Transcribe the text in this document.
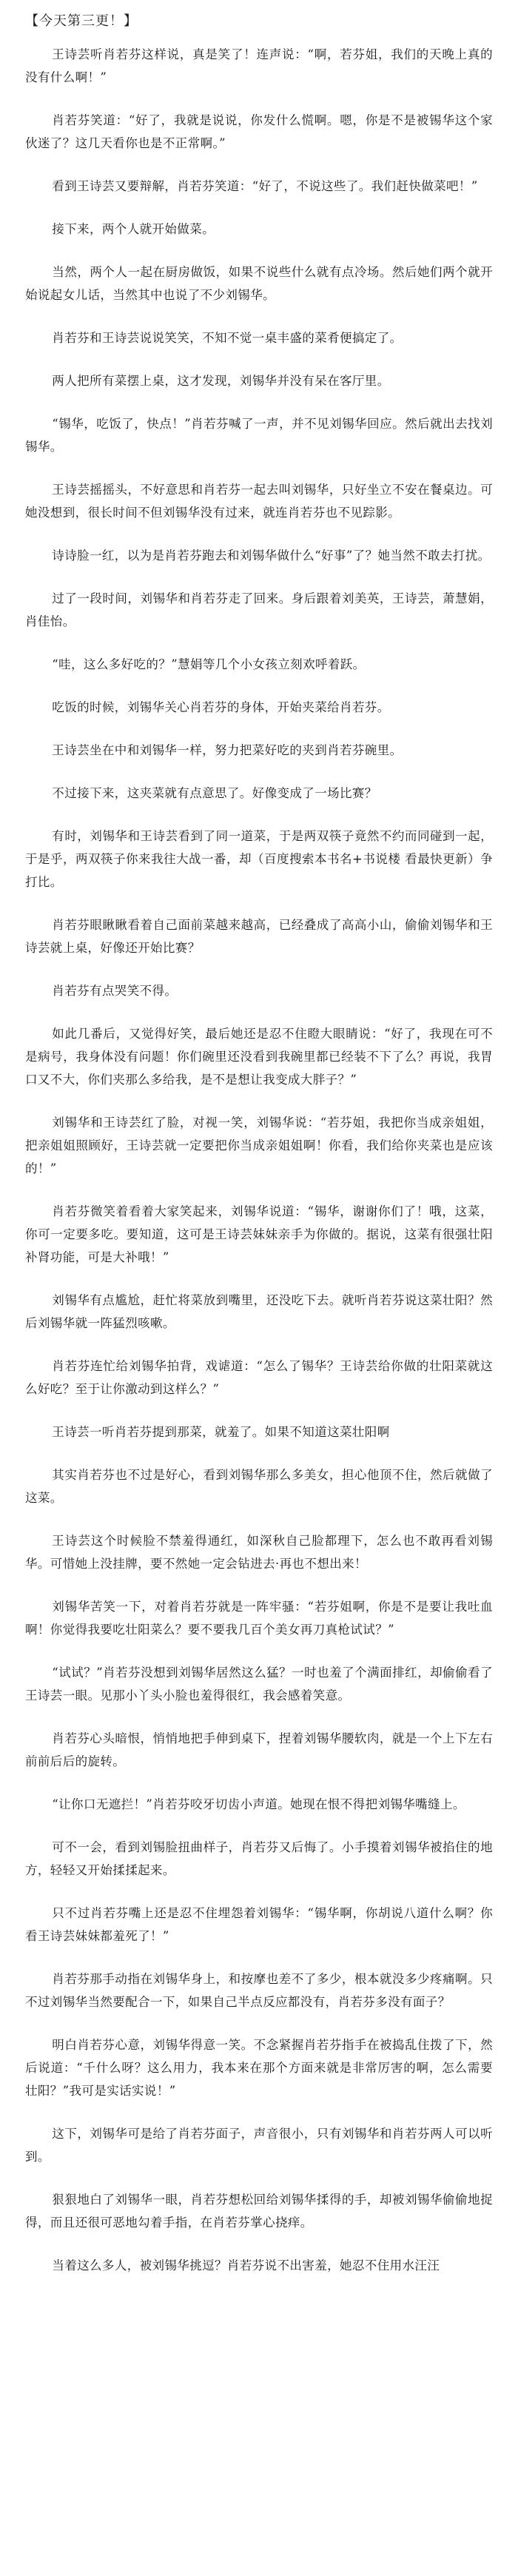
【今天第三更！】
王诗芸听肖若芬这样说，真是笑了！连声说：“啊，若芬姐，我们的天晚上真的没有什么啊！”
肖若芬笑道：“好了，我就是说说，你发什么慌啊。嗯，你是不是被锡华这个家伙迷了？这几天看你也是不正常啊。”
看到王诗芸又要辩解，肖若芬笑道：“好了，不说这些了。我们赶快做菜吧！”
接下来，两个人就开始做菜。
当然，两个人一起在厨房做饭，如果不说些什么就有点冷场。然后她们两个就开始说起女儿话，当然其中也说了不少刘锡华。
肖若芬和王诗芸说说笑笑，不知不觉一桌丰盛的菜肴便搞定了。
两人把所有菜摆上桌，这才发现，刘锡华并没有呆在客厅里。
“锡华，吃饭了，快点！”肖若芬喊了一声，并不见刘锡华回应。然后就出去找刘锡华。
王诗芸摇摇头，不好意思和肖若芬一起去叫刘锡华，只好坐立不安在餐桌边。可她没想到，很长时间不但刘锡华没有过来，就连肖若芬也不见踪影。
诗诗脸一红，以为是肖若芬跑去和刘锡华做什么“好事”了？她当然不敢去打扰。
过了一段时间，刘锡华和肖若芬走了回来。身后跟着刘美英，王诗芸，萧慧娟，肖佳怡。
“哇，这么多好吃的？”慧娟等几个小女孩立刻欢呼着跃。
吃饭的时候，刘锡华关心肖若芬的身体，开始夹菜给肖若芬。
王诗芸坐在中和刘锡华一样，努力把菜好吃的夹到肖若芬碗里。
不过接下来，这夹菜就有点意思了。好像变成了一场比赛？
有时，刘锡华和王诗芸看到了同一道菜，于是两双筷子竟然不约而同碰到一起，于是乎，两双筷子你来我往大战一番，却（百度搜索本书名+书说楼 看最快更新）争打比。
肖若芬眼瞅瞅看着自己面前菜越来越高，已经叠成了高高小山，偷偷刘锡华和王诗芸就上桌，好像还开始比赛？
肖若芬有点哭笑不得。
如此几番后，又觉得好笑，最后她还是忍不住瞪大眼睛说：“好了，我现在可不是病号，我身体没有问题！你们碗里还没看到我碗里都已经装不下了么？再说，我胃口又不大，你们夹那么多给我，是不是想让我变成大胖子？”
刘锡华和王诗芸红了脸，对视一笑，刘锡华说：“若芬姐，我把你当成亲姐姐，把亲姐姐照顾好，王诗芸就一定要把你当成亲姐姐啊！你看，我们给你夹菜也是应该的！”
肖若芬微笑着看着大家笑起来，刘锡华说道：“锡华，谢谢你们了！哦，这菜，你可一定要多吃。要知道，这可是王诗芸妹妹亲手为你做的。据说，这菜有很强壮阳补肾功能，可是大补哦！”
刘锡华有点尴尬，赶忙将菜放到嘴里，还没吃下去。就听肖若芬说这菜壮阳？然后刘锡华就一阵猛烈咳嗽。
肖若芬连忙给刘锡华拍背，戏谑道：“怎么了锡华？王诗芸给你做的壮阳菜就这么好吃？至于让你激动到这样么？”
王诗芸一听肖若芬提到那菜，就羞了。如果不知道这菜壮阳啊
其实肖若芬也不过是好心，看到刘锡华那么多美女，担心他顶不住，然后就做了这菜。
王诗芸这个时候脸不禁羞得通红，如深秋自己脸都理下，怎么也不敢再看刘锡华。可惜她上没挂牌，要不然她一定会钻进去·再也不想出来！
刘锡华苦笑一下，对着肖若芬就是一阵牢骚：“若芬姐啊，你是不是要让我吐血啊！你觉得我要吃壮阳菜么？要不要我几百个美女再刀真枪试试？”
“试试？”肖若芬没想到刘锡华居然这么猛？一时也羞了个满面排红，却偷偷看了王诗芸一眼。见那小丫头小脸也羞得很红，我会感着笑意。
肖若芬心头暗恨，悄悄地把手伸到桌下，捏着刘锡华腰软肉，就是一个上下左右前前后后的旋转。
“让你口无遮拦！”肖若芬咬牙切齿小声道。她现在恨不得把刘锡华嘴缝上。
可不一会，看到刘锡脸扭曲样子，肖若芬又后悔了。小手摸着刘锡华被掐住的地方，轻轻又开始揉揉起来。
只不过肖若芬嘴上还是忍不住埋怨着刘锡华：“锡华啊，你胡说八道什么啊？你看王诗芸妹妹都羞死了！”
肖若芬那手动指在刘锡华身上，和按摩也差不了多少，根本就没多少疼痛啊。只不过刘锡华当然要配合一下，如果自己半点反应都没有，肖若芬多没有面子？
明白肖若芬心意，刘锡华得意一笑。不念紧握肖若芬指手在被捣乱住拨了下，然后说道：“千什么呀？这么用力，我本来在那个方面来就是非常厉害的啊，怎么需要壮阳？”我可是实话实说！”
这下，刘锡华可是给了肖若芬面子，声音很小，只有刘锡华和肖若芬两人可以听到。
狠狠地白了刘锡华一眼，肖若芬想松回给刘锡华揉得的手，却被刘锡华偷偷地捉得，而且还很可恶地勾着手指，在肖若芬掌心挠痒。
当着这么多人，被刘锡华挑逗？肖若芬说不出害羞，她忍不住用水汪汪
